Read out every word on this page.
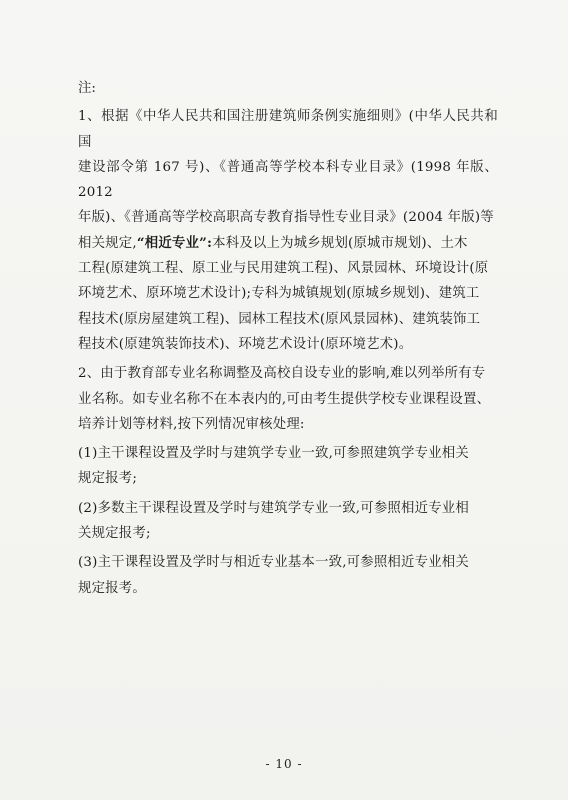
注:

1、根据《中华人民共和国注册建筑师条例实施细则》(中华人民共和国

建设部令第 167 号)、《普通高等学校本科专业目录》(1998 年版、2012

年版)、《普通高等学校高职高专教育指导性专业目录》(2004 年版)等

相关规定,“相近专业”:本科及以上为城乡规划(原城市规划)、土木

工程(原建筑工程、原工业与民用建筑工程)、风景园林、环境设计(原

环境艺术、原环境艺术设计);专科为城镇规划(原城乡规划)、建筑工

程技术(原房屋建筑工程)、园林工程技术(原风景园林)、建筑装饰工

程技术(原建筑装饰技术)、环境艺术设计(原环境艺术)。

2、由于教育部专业名称调整及高校自设专业的影响,难以列举所有专

业名称。如专业名称不在本表内的,可由考生提供学校专业课程设置、

培养计划等材料,按下列情况审核处理:

(1)主干课程设置及学时与建筑学专业一致,可参照建筑学专业相关

规定报考;

(2)多数主干课程设置及学时与建筑学专业一致,可参照相近专业相

关规定报考;

(3)主干课程设置及学时与相近专业基本一致,可参照相近专业相关

规定报考。

- 10 -
